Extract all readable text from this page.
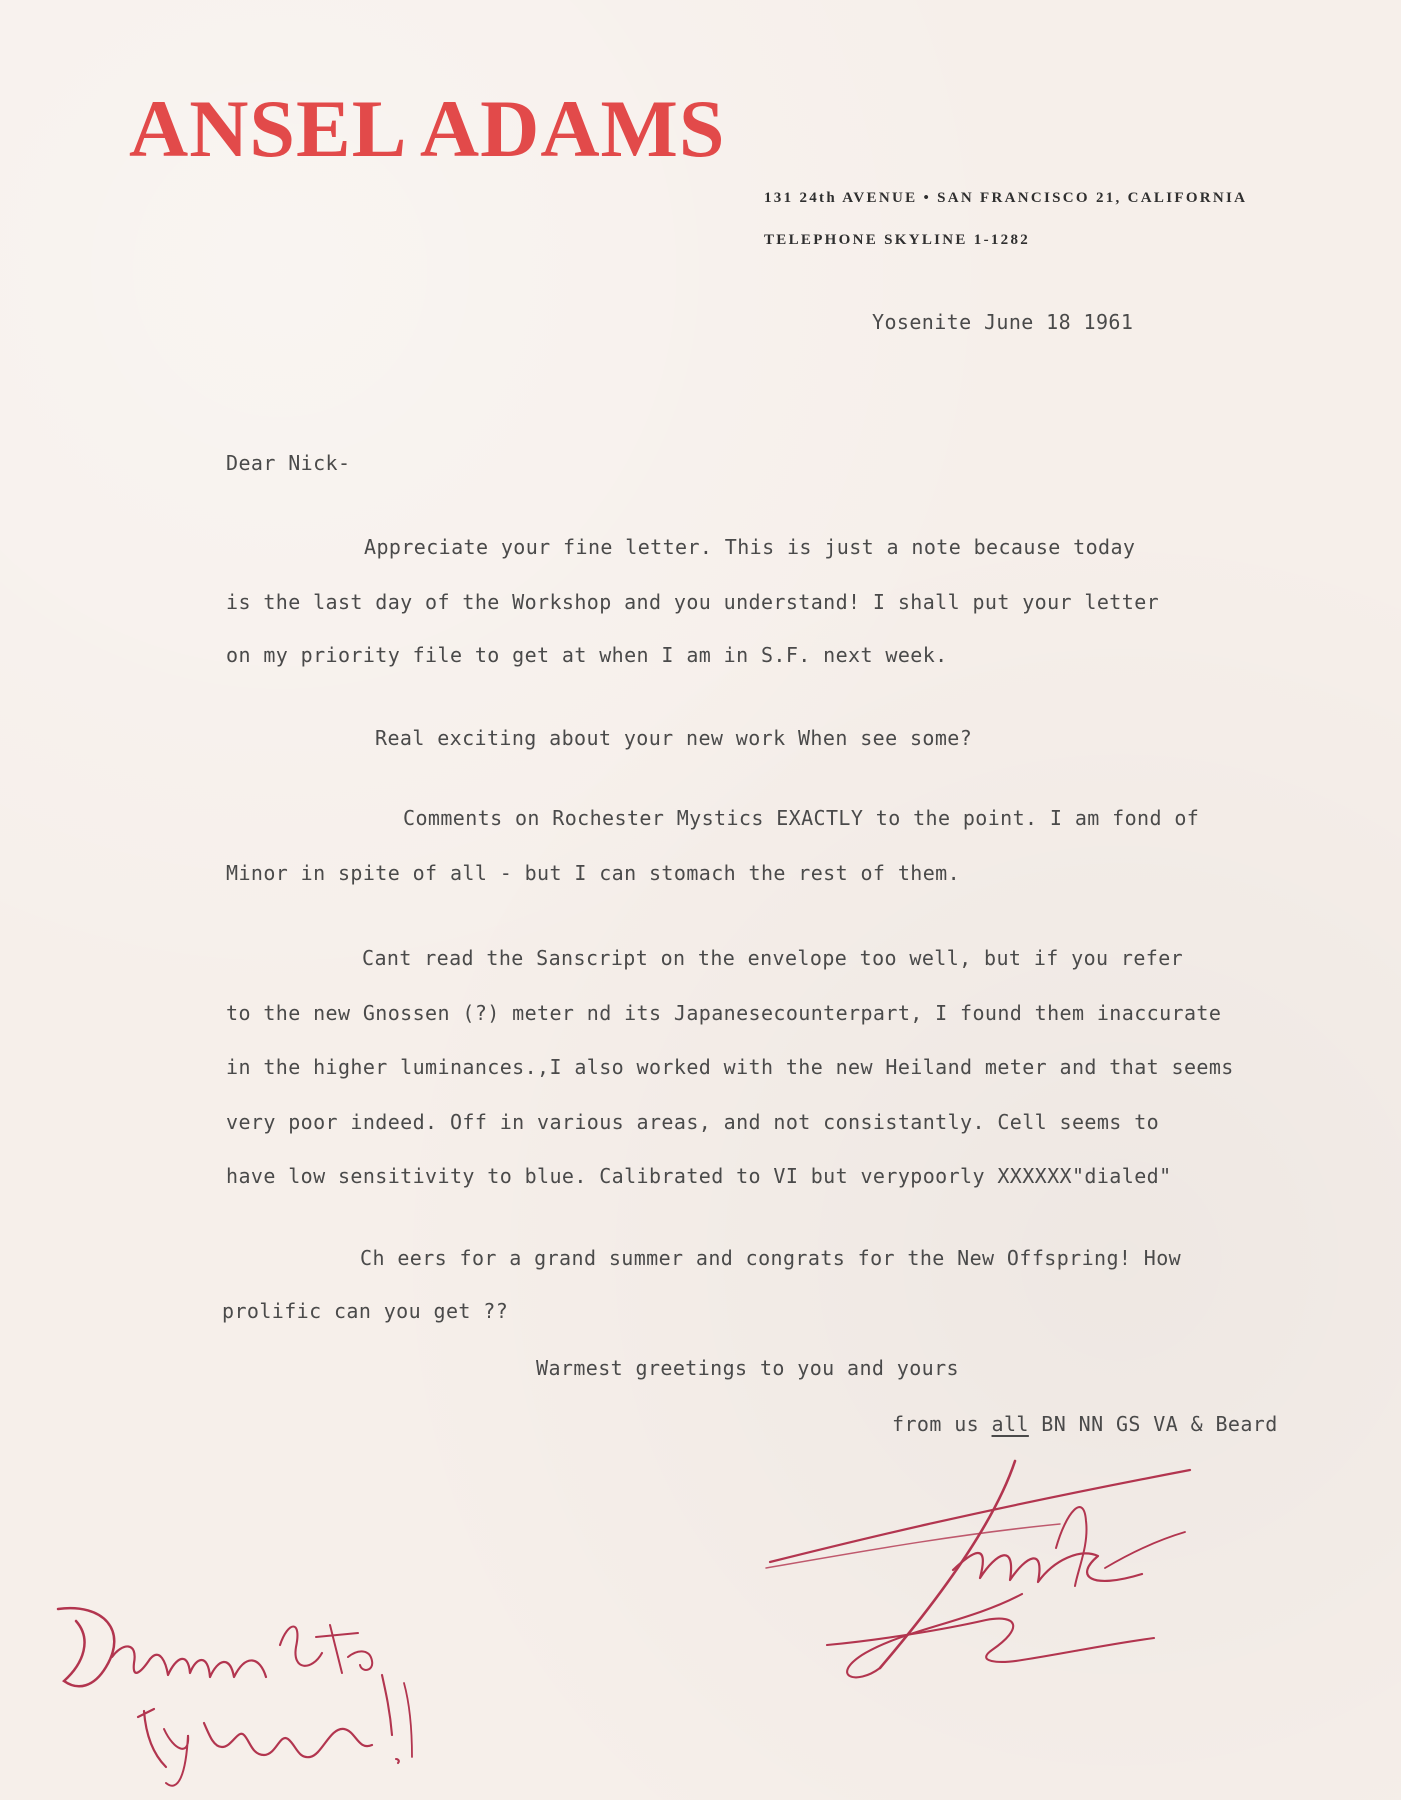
ANSEL ADAMS
131 24th AVENUE • SAN FRANCISCO 21, CALIFORNIA
TELEPHONE SKYLINE 1-1282
Yosenite June 18 1961
Dear Nick-
Appreciate your fine letter. This is just a note because today
is the last day of the Workshop and you understand! I shall put your letter
on my priority file to get at when I am in S.F. next week.
Real exciting about your new work When see some?
Comments on Rochester Mystics EXACTLY to the point. I am fond of
Minor in spite of all - but I can stomach the rest of them.
Cant read the Sanscript on the envelope too well, but if you refer
to the new Gnossen (?) meter nd its Japanesecounterpart, I found them inaccurate
in the higher luminances.,I also worked with the new Heiland meter and that seems
very poor indeed. Off in various areas, and not consistantly. Cell seems to
have low sensitivity to blue. Calibrated to VI but verypoorly XXXXXX"dialed"
Ch eers for a grand summer and congrats for the New Offspring! How
prolific can you get ??
Warmest greetings to you and yours
from us all BN NN GS VA & Beard
